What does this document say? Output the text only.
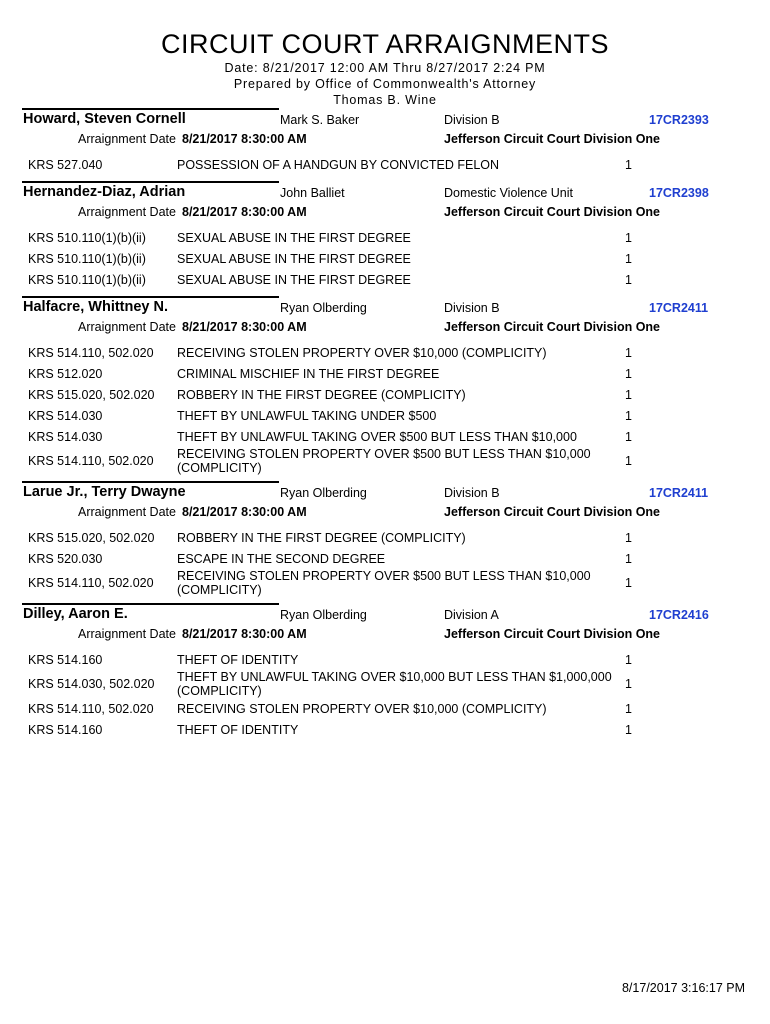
CIRCUIT COURT ARRAIGNMENTS
Date: 8/21/2017 12:00 AM Thru 8/27/2017 2:24 PM
Prepared by Office of Commonwealth's Attorney
Thomas B. Wine
Howard, Steven Cornell	Mark S. Baker	Division B	17CR2393
Arraignment Date 8/21/2017 8:30:00 AM	Jefferson Circuit Court Division One
KRS 527.040	POSSESSION OF A HANDGUN BY CONVICTED FELON	1
Hernandez-Diaz, Adrian	John Balliet	Domestic Violence Unit	17CR2398
Arraignment Date 8/21/2017 8:30:00 AM	Jefferson Circuit Court Division One
KRS 510.110(1)(b)(ii)	SEXUAL ABUSE IN THE FIRST DEGREE	1
KRS 510.110(1)(b)(ii)	SEXUAL ABUSE IN THE FIRST DEGREE	1
KRS 510.110(1)(b)(ii)	SEXUAL ABUSE IN THE FIRST DEGREE	1
Halfacre, Whittney N.	Ryan Olberding	Division B	17CR2411
Arraignment Date 8/21/2017 8:30:00 AM	Jefferson Circuit Court Division One
KRS 514.110, 502.020	RECEIVING STOLEN PROPERTY OVER $10,000 (COMPLICITY)	1
KRS 512.020	CRIMINAL MISCHIEF IN THE FIRST DEGREE	1
KRS 515.020, 502.020	ROBBERY IN THE FIRST DEGREE (COMPLICITY)	1
KRS 514.030	THEFT BY UNLAWFUL TAKING UNDER $500	1
KRS 514.030	THEFT BY UNLAWFUL TAKING OVER $500 BUT LESS THAN $10,000	1
KRS 514.110, 502.020	RECEIVING STOLEN PROPERTY OVER $500 BUT LESS THAN $10,000 (COMPLICITY)	1
Larue Jr., Terry Dwayne	Ryan Olberding	Division B	17CR2411
Arraignment Date 8/21/2017 8:30:00 AM	Jefferson Circuit Court Division One
KRS 515.020, 502.020	ROBBERY IN THE FIRST DEGREE (COMPLICITY)	1
KRS 520.030	ESCAPE IN THE SECOND DEGREE	1
KRS 514.110, 502.020	RECEIVING STOLEN PROPERTY OVER $500 BUT LESS THAN $10,000 (COMPLICITY)	1
Dilley, Aaron E.	Ryan Olberding	Division A	17CR2416
Arraignment Date 8/21/2017 8:30:00 AM	Jefferson Circuit Court Division One
KRS 514.160	THEFT OF IDENTITY	1
KRS 514.030, 502.020	THEFT BY UNLAWFUL TAKING OVER $10,000 BUT LESS THAN $1,000,000 (COMPLICITY)	1
KRS 514.110, 502.020	RECEIVING STOLEN PROPERTY OVER $10,000 (COMPLICITY)	1
KRS 514.160	THEFT OF IDENTITY	1
8/17/2017 3:16:17 PM
